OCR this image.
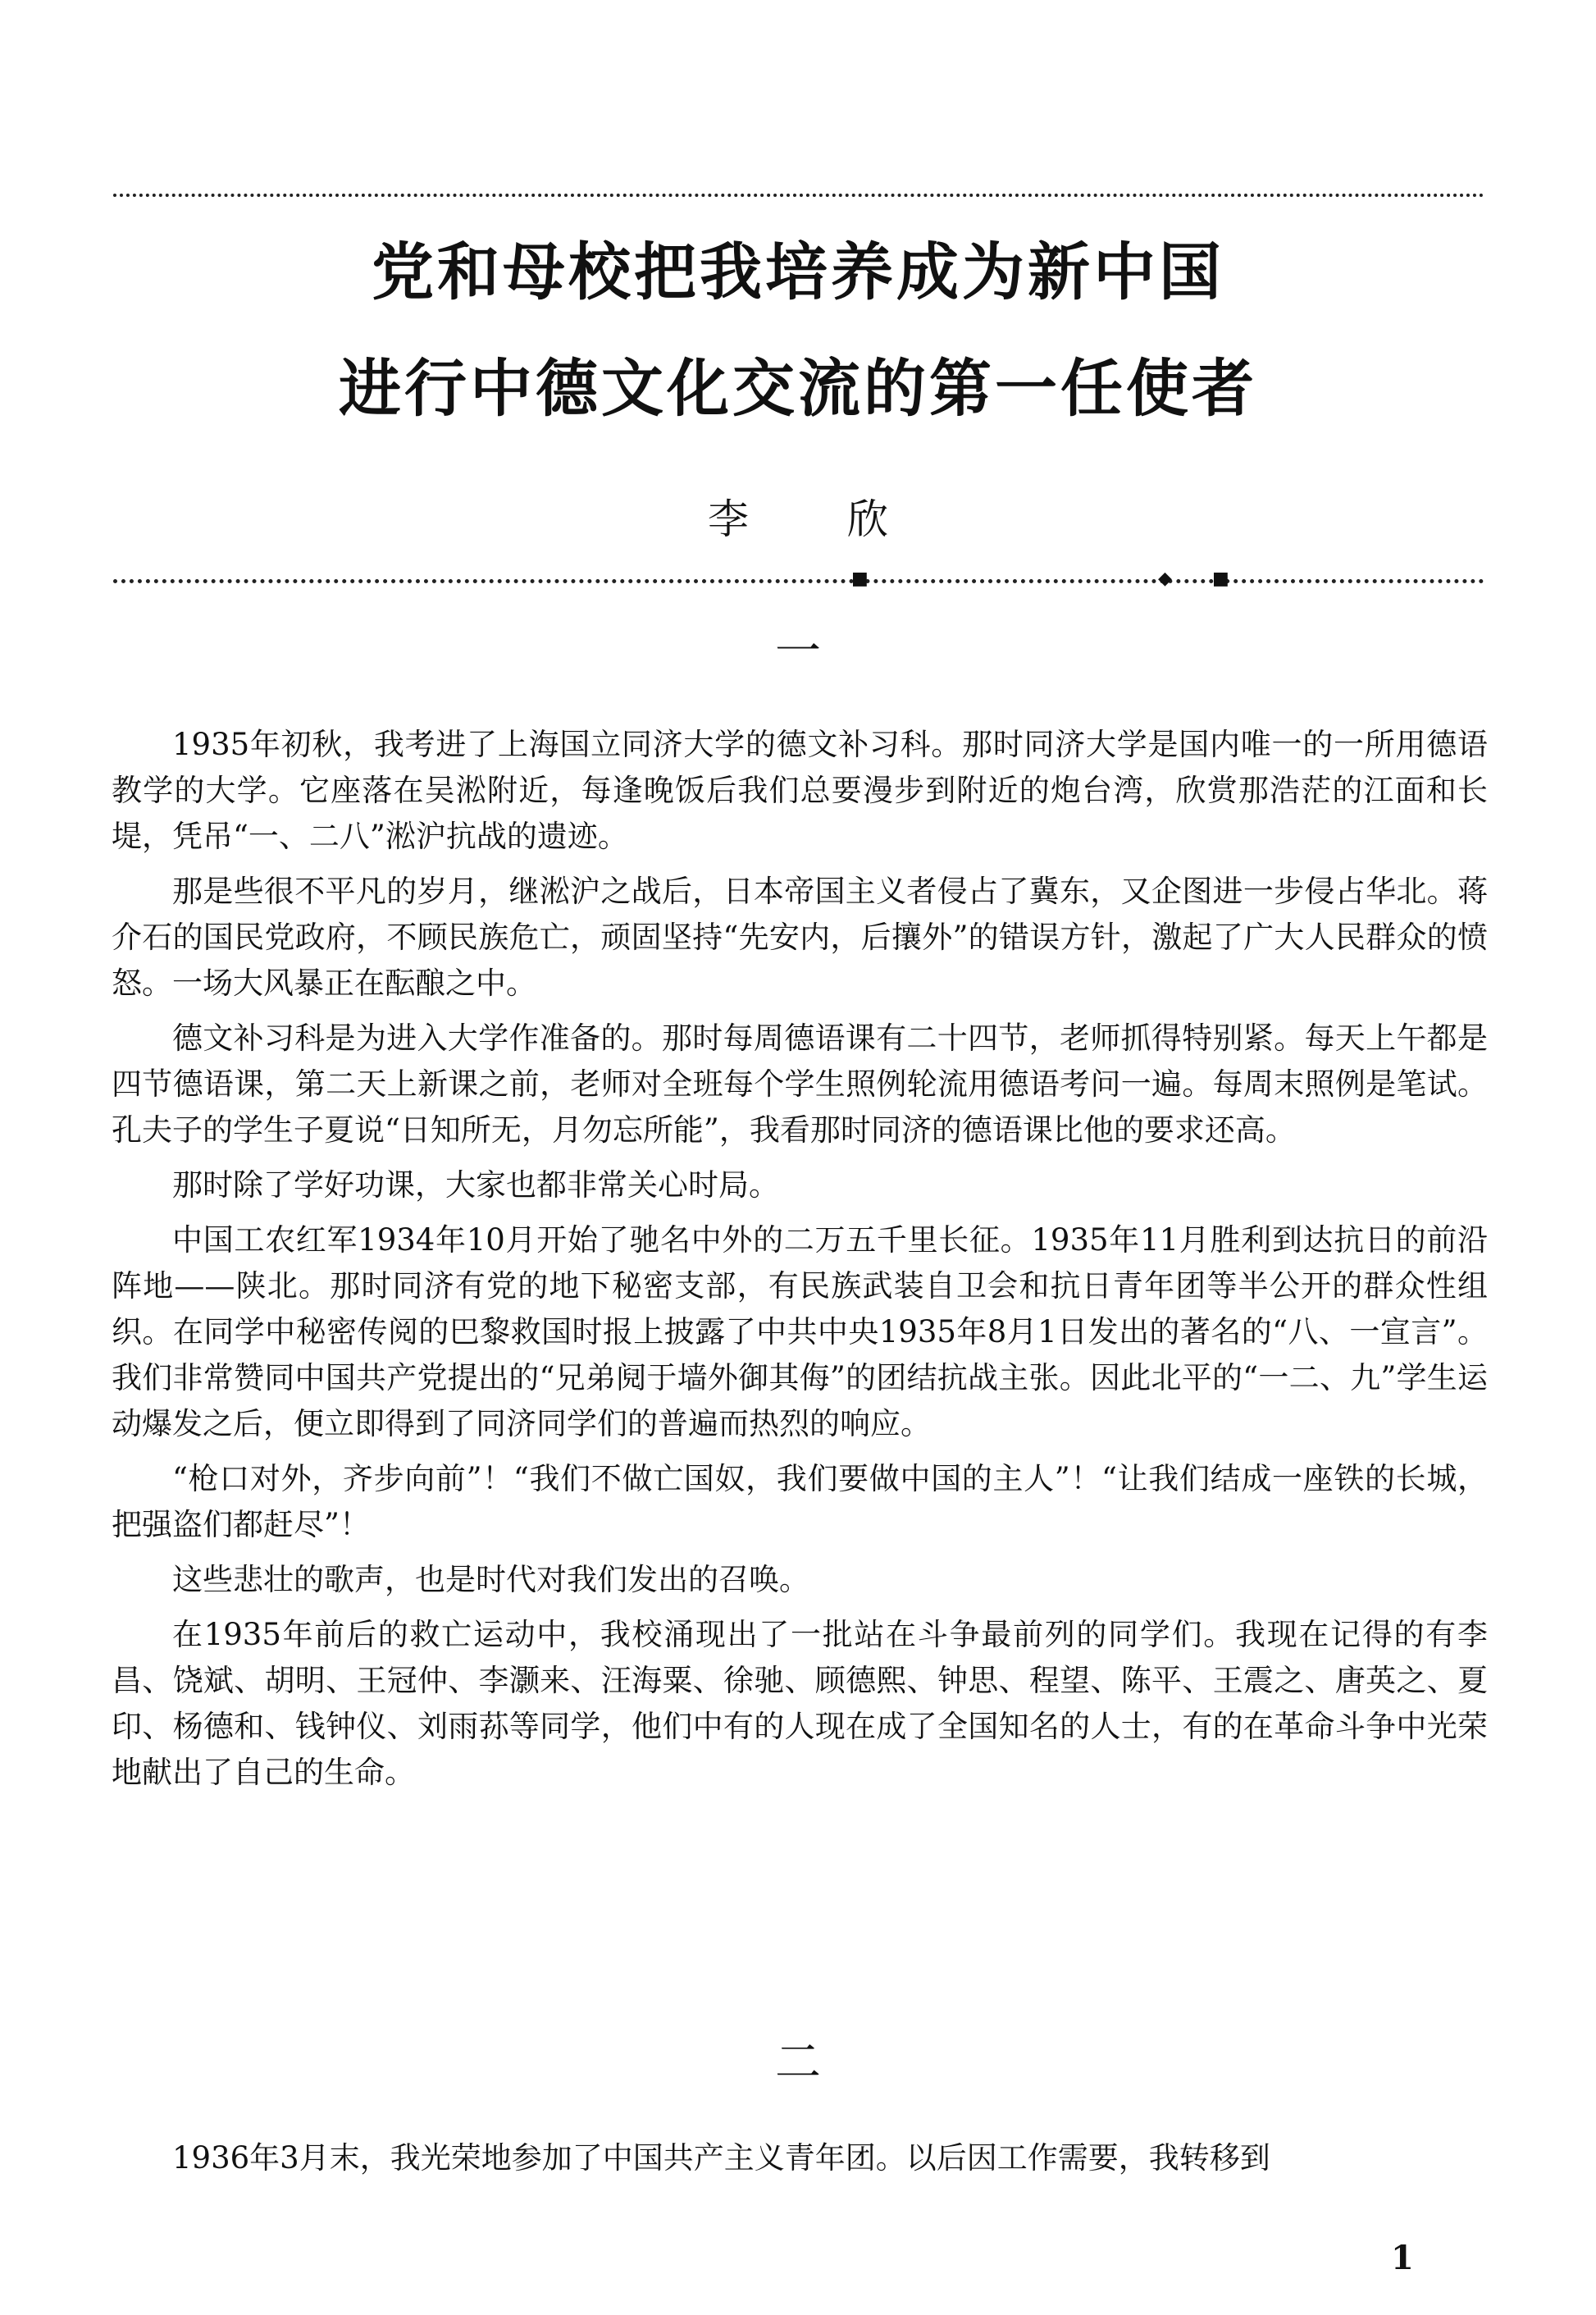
党和母校把我培养成为新中国
进行中德文化交流的第一任使者
李欣
■	◆ ■
一

1935年初秋，我考进了上海国立同济大学的德文补习科。那时同济大学是国内唯一的一所用德语教学的大学。它座落在吴淞附近，每逢晚饭后我们总要漫步到附近的炮台湾，欣赏那浩茫的江面和长堤，凭吊“一、二八”淞沪抗战的遗迹。

那是些很不平凡的岁月，继淞沪之战后，日本帝国主义者侵占了冀东，又企图进一步侵占华北。蒋介石的国民党政府，不顾民族危亡，顽固坚持“先安内，后攘外”的错误方针，激起了广大人民群众的愤怒。一场大风暴正在酝酿之中。

德文补习科是为进入大学作准备的。那时每周德语课有二十四节，老师抓得特别紧。每天上午都是四节德语课，第二天上新课之前，老师对全班每个学生照例轮流用德语考问一遍。每周末照例是笔试。孔夫子的学生子夏说“日知所无，月勿忘所能”，我看那时同济的德语课比他的要求还高。

那时除了学好功课，大家也都非常关心时局。

中国工农红军1934年10月开始了驰名中外的二万五千里长征。1935年11月胜利到达抗日的前沿阵地——陕北。那时同济有党的地下秘密支部，有民族武装自卫会和抗日青年团等半公开的群众性组织。在同学中秘密传阅的巴黎救国时报上披露了中共中央1935年8月1日发出的著名的“八、一宣言”。我们非常赞同中国共产党提出的“兄弟阋于墙外御其侮”的团结抗战主张。因此北平的“一二、九”学生运动爆发之后，便立即得到了同济同学们的普遍而热烈的响应。

“枪口对外，齐步向前”！“我们不做亡国奴，我们要做中国的主人”！“让我们结成一座铁的长城，把强盗们都赶尽”！

这些悲壮的歌声，也是时代对我们发出的召唤。

在1935年前后的救亡运动中，我校涌现出了一批站在斗争最前列的同学们。我现在记得的有李昌、饶斌、胡明、王冠仲、李灏来、汪海粟、徐驰、顾德熙、钟思、程望、陈平、王震之、唐英之、夏印、杨德和、钱钟仪、刘雨荪等同学，他们中有的人现在成了全国知名的人士，有的在革命斗争中光荣地献出了自己的生命。

二

1936年3月末，我光荣地参加了中国共产主义青年团。以后因工作需要，我转移到

1
